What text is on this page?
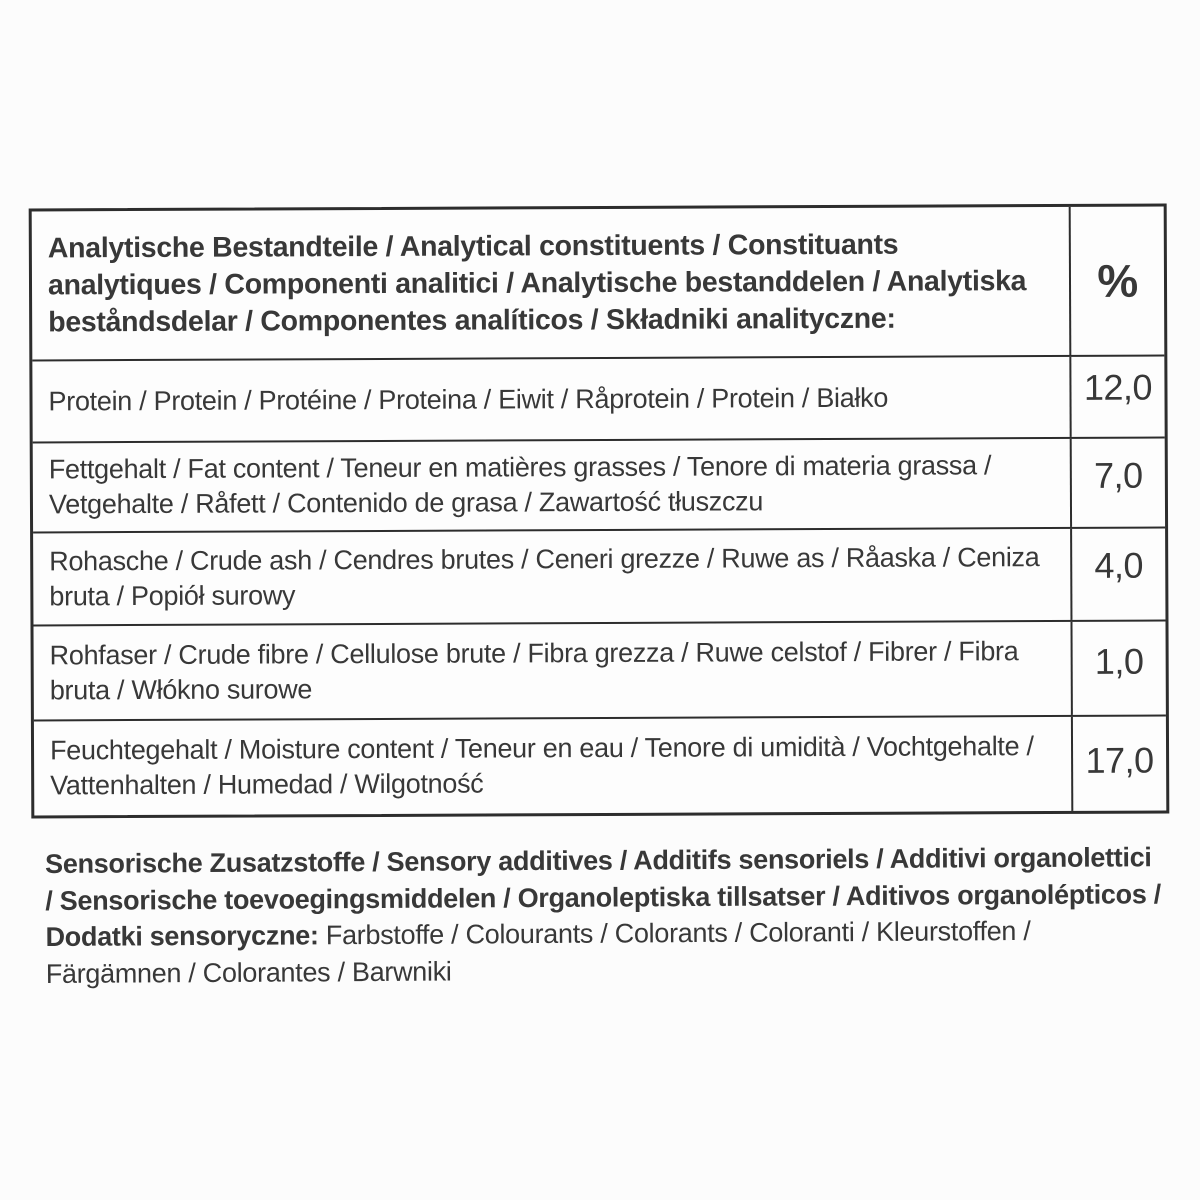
Analytische Bestandteile / Analytical constituents / Constituants analytiques / Componenti analitici / Analytische bestanddelen / Analytiska beståndsdelar / Componentes analíticos / Składniki analityczne:
%
Protein / Protein / Protéine / Proteina / Eiwit / Råprotein / Protein / Białko	12,0
Fettgehalt / Fat content / Teneur en matières grasses / Tenore di materia grassa / Vetgehalte / Råfett / Contenido de grasa / Zawartość tłuszczu
7,0
Rohasche / Crude ash / Cendres brutes / Ceneri grezze / Ruwe as / Råaska / Ceniza bruta / Popiół surowy
4,0
Rohfaser / Crude fibre / Cellulose brute / Fibra grezza / Ruwe celstof / Fibrer / Fibra bruta / Włókno surowe
1,0
Feuchtegehalt / Moisture content / Teneur en eau / Tenore di umidità / Vochtgehalte / Vattenhalten / Humedad / Wilgotność
17,0

Sensorische Zusatzstoffe / Sensory additives / Additifs sensoriels / Additivi organolettici / Sensorische toevoegingsmiddelen / Organoleptiska tillsatser / Aditivos organolépticos / Dodatki sensoryczne: Farbstoffe / Colourants / Colorants / Coloranti / Kleurstoffen / Färgämnen / Colorantes / Barwniki
